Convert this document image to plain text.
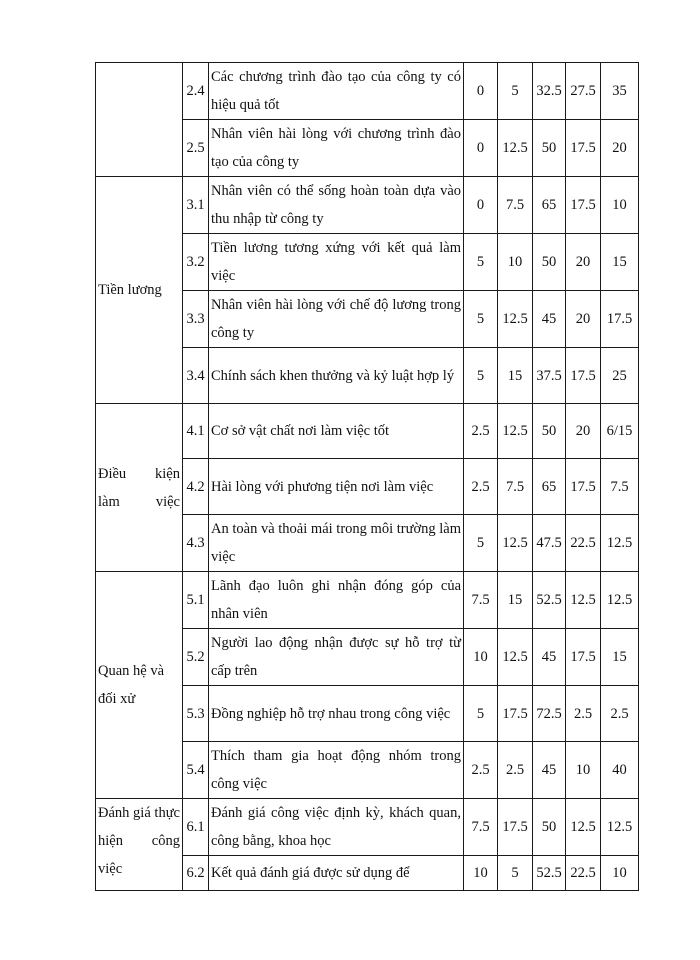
	2.4	Các chương trình đào tạo của công ty có hiệu quả tốt	0	5	32.5	27.5	35
	2.5	Nhân viên hài lòng với chương trình đào tạo của công ty	0	12.5	50	17.5	20
Tiền lương	3.1	Nhân viên có thể sống hoàn toàn dựa vào thu nhập từ công ty	0	7.5	65	17.5	10
	3.2	Tiền lương tương xứng với kết quả làm việc	5	10	50	20	15
	3.3	Nhân viên hài lòng với chế độ lương trong công ty	5	12.5	45	20	17.5
	3.4	Chính sách khen thưởng và kỷ luật hợp lý	5	15	37.5	17.5	25
Điều kiện làm việc	4.1	Cơ sở vật chất nơi làm việc tốt	2.5	12.5	50	20	6/15
	4.2	Hài lòng với phương tiện nơi làm việc	2.5	7.5	65	17.5	7.5
	4.3	An toàn và thoải mái trong môi trường làm việc	5	12.5	47.5	22.5	12.5
Quan hệ và đối xử	5.1	Lãnh đạo luôn ghi nhận đóng góp của nhân viên	7.5	15	52.5	12.5	12.5
	5.2	Người lao động nhận được sự hỗ trợ từ cấp trên	10	12.5	45	17.5	15
	5.3	Đồng nghiệp hỗ trợ nhau trong công việc	5	17.5	72.5	2.5	2.5
	5.4	Thích tham gia hoạt động nhóm trong công việc	2.5	2.5	45	10	40
Đánh giá thực hiện công việc	6.1	Đánh giá công việc định kỳ, khách quan, công bằng, khoa học	7.5	17.5	50	12.5	12.5
	6.2	Kết quả đánh giá được sử dụng để	10	5	52.5	22.5	10
